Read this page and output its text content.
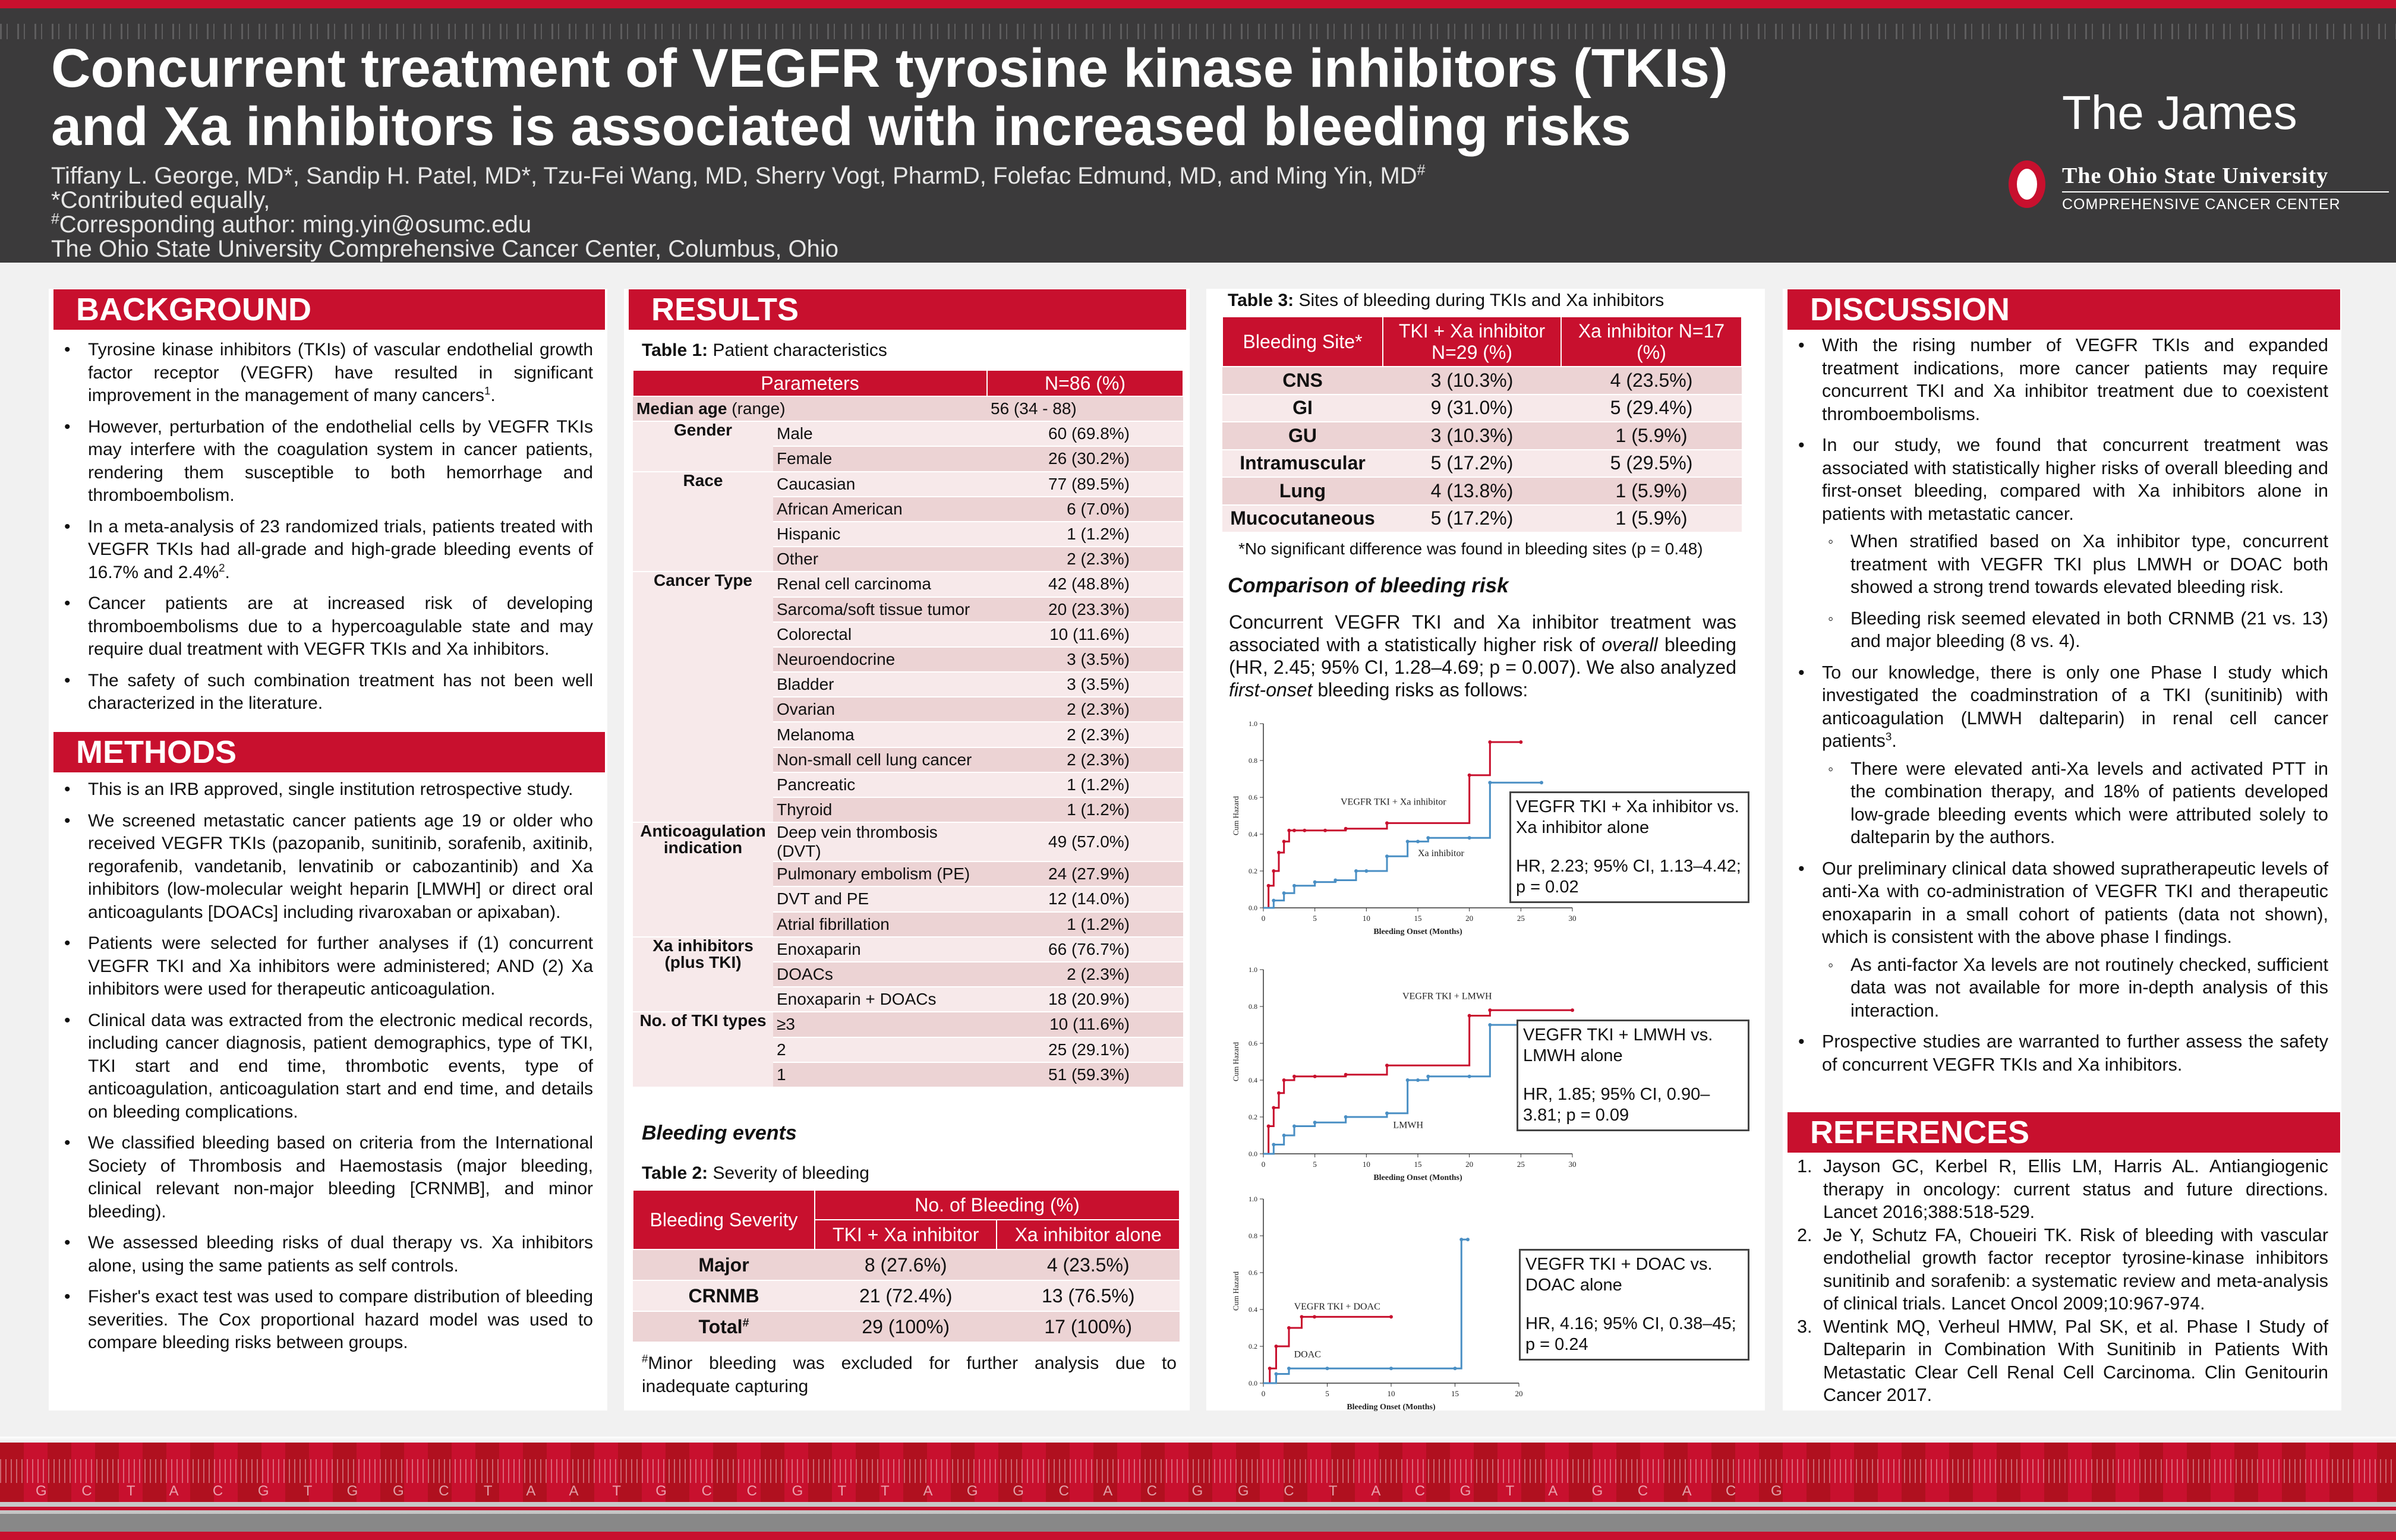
Concurrent treatment of VEGFR tyrosine kinase inhibitors (TKIs)
and Xa inhibitors is associated with increased bleeding risks
Tiffany L. George, MD*, Sandip H. Patel, MD*, Tzu-Fei Wang, MD, Sherry Vogt, PharmD, Folefac Edmund, MD, and Ming Yin, MD#
*Contributed equally,
#Corresponding author: ming.yin@osumc.edu
The Ohio State University Comprehensive Cancer Center, Columbus, Ohio
The James
The Ohio State University
COMPREHENSIVE CANCER CENTER
BACKGROUND
• Tyrosine kinase inhibitors (TKIs) of vascular endothelial growth factor receptor (VEGFR) have resulted in significant improvement in the management of many cancers$^1$.
• However, perturbation of the endothelial cells by VEGFR TKIs may interfere with the coagulation system in cancer patients, rendering them susceptible to both hemorrhage and thromboembolism.
• In a meta-analysis of 23 randomized trials, patients treated with VEGFR TKIs had all-grade and high-grade bleeding events of 16.7% and 2.4%$^2$.
• Cancer patients are at increased risk of developing thromboembolisms due to a hypercoagulable state and may require dual treatment with VEGFR TKIs and Xa inhibitors.
• The safety of such combination treatment has not been well characterized in the literature.
METHODS
• This is an IRB approved, single institution retrospective study.
• We screened metastatic cancer patients age 19 or older who received VEGFR TKIs (pazopanib, sunitinib, sorafenib, axitinib, regorafenib, vandetanib, lenvatinib or cabozantinib) and Xa inhibitors (low-molecular weight heparin [LMWH] or direct oral anticoagulants [DOACs] including rivaroxaban or apixaban).
• Patients were selected for further analyses if (1) concurrent VEGFR TKI and Xa inhibitors were administered; AND (2) Xa inhibitors were used for therapeutic anticoagulation.
• Clinical data was extracted from the electronic medical records, including cancer diagnosis, patient demographics, type of TKI, TKI start and end time, thrombotic events, type of anticoagulation, anticoagulation start and end time, and details on bleeding complications.
• We classified bleeding based on criteria from the International Society of Thrombosis and Haemostasis (major bleeding, clinical relevant non-major bleeding [CRNMB], and minor bleeding).
• We assessed bleeding risks of dual therapy vs. Xa inhibitors alone, using the same patients as self controls.
• Fisher's exact test was used to compare distribution of bleeding severities. The Cox proportional hazard model was used to compare bleeding risks between groups.
RESULTS
Table 1: Patient characteristics
Parameters		N=86 (%)
Median age (range)		56 (34 - 88)
Gender	Male	60 (69.8%)
	Female	26 (30.2%)
Race	Caucasian	77 (89.5%)
	African American	6 (7.0%)
	Hispanic	1 (1.2%)
	Other	2 (2.3%)
Cancer Type	Renal cell carcinoma	42 (48.8%)
	Sarcoma/soft tissue tumor	20 (23.3%)
	Colorectal	10 (11.6%)
	Neuroendocrine	3 (3.5%)
	Bladder	3 (3.5%)
	Ovarian	2 (2.3%)
	Melanoma	2 (2.3%)
	Non-small cell lung cancer	2 (2.3%)
	Pancreatic	1 (1.2%)
	Thyroid	1 (1.2%)
Anticoagulation indication	Deep vein thrombosis (DVT)	49 (57.0%)
	Pulmonary embolism (PE)	24 (27.9%)
	DVT and PE	12 (14.0%)
	Atrial fibrillation	1 (1.2%)
Xa inhibitors (plus TKI)	Enoxaparin	66 (76.7%)
	DOACs	2 (2.3%)
	Enoxaparin + DOACs	18 (20.9%)
No. of TKI types	≥3	10 (11.6%)
	2	25 (29.1%)
	1	51 (59.3%)
Bleeding events
Table 2: Severity of bleeding
Bleeding Severity	No. of Bleeding (%)	
	TKI + Xa inhibitor	Xa inhibitor alone
Major	8 (27.6%)	4 (23.5%)
CRNMB	21 (72.4%)	13 (76.5%)
Total#	29 (100%)	17 (100%)
#Minor bleeding was excluded for further analysis due to inadequate capturing
Table 3: Sites of bleeding during TKIs and Xa inhibitors
Bleeding Site*	TKI + Xa inhibitor N=29 (%)	Xa inhibitor N=17 (%)
CNS	3 (10.3%)	4 (23.5%)
GI	9 (31.0%)	5 (29.4%)
GU	3 (10.3%)	1 (5.9%)
Intramuscular	5 (17.2%)	5 (29.5%)
Lung	4 (13.8%)	1 (5.9%)
Mucocutaneous	5 (17.2%)	1 (5.9%)
*No significant difference was found in bleeding sites (p = 0.48)
Comparison of bleeding risk
Concurrent VEGFR TKI and Xa inhibitor treatment was associated with a statistically higher risk of overall bleeding (HR, 2.45; 95% CI, 1.28–4.69; p = 0.007). We also analyzed first-onset bleeding risks as follows:
0	5	10	15	20	25	30
0.0
0.2
0.4
0.6
0.8
1.0
Bleeding Onset (Months)
Cum Hazard	VEGFR TKI + Xa inhibitor
Xa inhibitor
0	5	10	15	20	25	30
0.0
0.2
0.4
0.6
0.8
1.0
Bleeding Onset (Months)
Cum Hazard
VEGFR TKI + LMWH
LMWH
0	5	10	15	20
0.0
0.2
0.4
0.6
0.8
1.0
Bleeding Onset (Months)
Cum Hazard	VEGFR TKI + DOAC
DOAC
VEGFR TKI + Xa inhibitor vs. Xa inhibitor alone
HR, 2.23; 95% CI, 1.13–4.42; p = 0.02
VEGFR TKI + LMWH vs. LMWH alone
HR, 1.85; 95% CI, 0.90–3.81; p = 0.09
VEGFR TKI + DOAC vs. DOAC alone
HR, 4.16; 95% CI, 0.38–45; p = 0.24
DISCUSSION
• With the rising number of VEGFR TKIs and expanded treatment indications, more cancer patients may require concurrent TKI and Xa inhibitor treatment due to coexistent thromboembolisms.
• In our study, we found that concurrent treatment was associated with statistically higher risks of overall bleeding and first-onset bleeding, compared with Xa inhibitors alone in patients with metastatic cancer.
◦ When stratified based on Xa inhibitor type, concurrent treatment with VEGFR TKI plus LMWH or DOAC both showed a strong trend towards elevated bleeding risk.
◦ Bleeding risk seemed elevated in both CRNMB (21 vs. 13) and major bleeding (8 vs. 4).
• To our knowledge, there is only one Phase I study which investigated the coadminstration of a TKI (sunitinib) with anticoagulation (LMWH dalteparin) in renal cell cancer patients$^3$.
◦ There were elevated anti-Xa levels and activated PTT in the combination therapy, and 18% of patients developed low-grade bleeding events which were attributed solely to dalteparin by the authors.
• Our preliminary clinical data showed supratherapeutic levels of anti-Xa with co-administration of VEGFR TKI and therapeutic enoxaparin in a small cohort of patients (data not shown), which is consistent with the above phase I findings.
◦ As anti-factor Xa levels are not routinely checked, sufficient data was not available for more in-depth analysis of this interaction.
• Prospective studies are warranted to further assess the safety of concurrent VEGFR TKIs and Xa inhibitors.
REFERENCES
1. Jayson GC, Kerbel R, Ellis LM, Harris AL. Antiangiogenic therapy in oncology: current status and future directions. Lancet 2016;388:518-529.
2. Je Y, Schutz FA, Choueiri TK. Risk of bleeding with vascular endothelial growth factor receptor tyrosine-kinase inhibitors sunitinib and sorafenib: a systematic review and meta-analysis of clinical trials. Lancet Oncol 2009;10:967-974.
3. Wentink MQ, Verheul HMW, Pal SK, et al. Phase I Study of Dalteparin in Combination With Sunitinib in Patients With Metastatic Clear Cell Renal Cell Carcinoma. Clin Genitourin Cancer 2017.
G C T A C G T G G C T A A T G C C G T T A G G C A C G G C T A C G T A G C A C G
